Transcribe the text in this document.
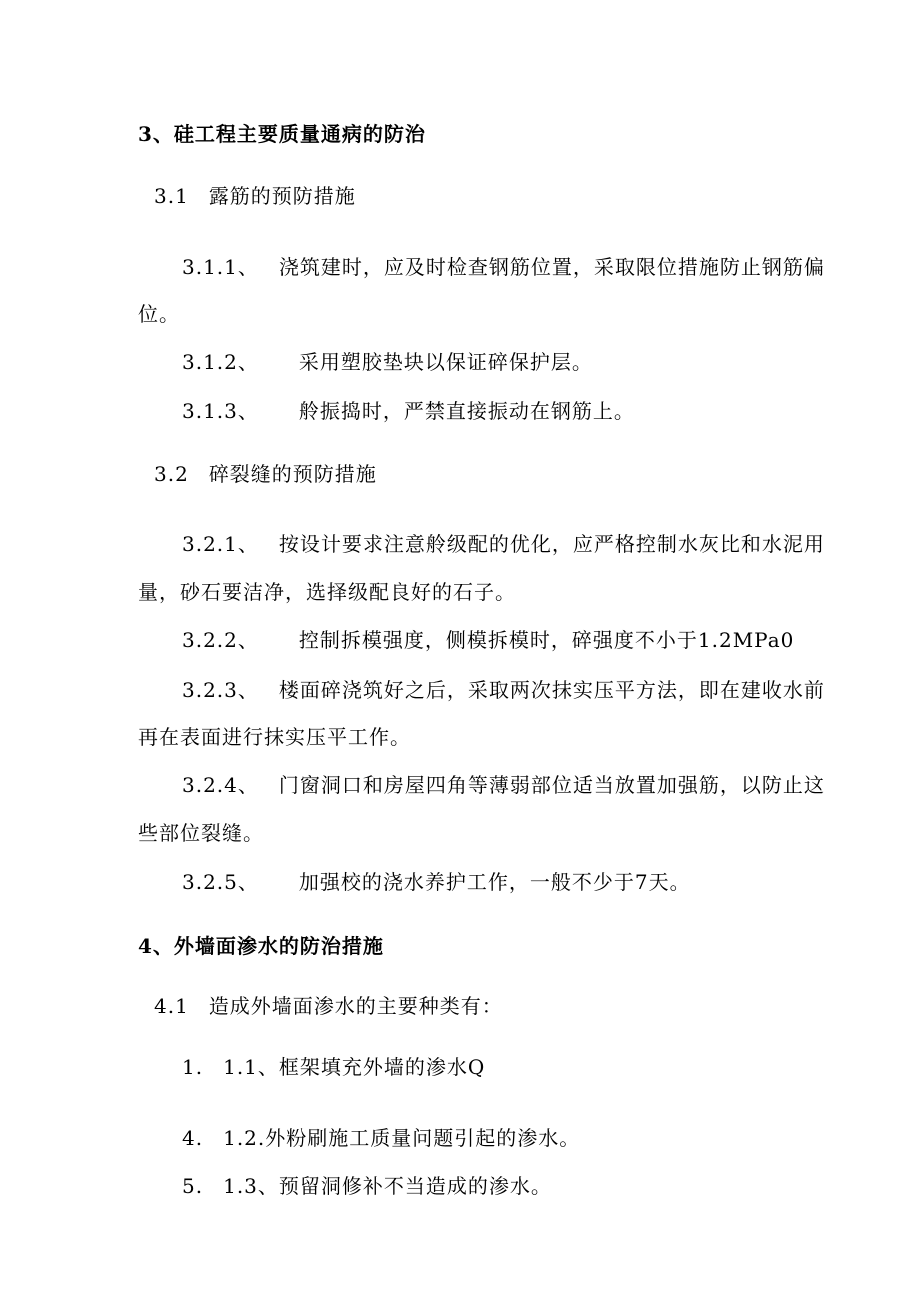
3、硅工程主要质量通病的防治
3.1 露筋的预防措施
3.1.1、 浇筑建时，应及时检查钢筋位置，采取限位措施防止钢筋偏
位。
3.1.2、 采用塑胶垫块以保证碎保护层。
3.1.3、 舲振捣时，严禁直接振动在钢筋上。
3.2 碎裂缝的预防措施
3.2.1、 按设计要求注意舲级配的优化，应严格控制水灰比和水泥用
量，砂石要洁净，选择级配良好的石子。
3.2.2、 控制拆模强度，侧模拆模时，碎强度不小于1.2MPa0
3.2.3、 楼面碎浇筑好之后，采取两次抹实压平方法，即在建收水前
再在表面进行抹实压平工作。
3.2.4、 门窗洞口和房屋四角等薄弱部位适当放置加强筋，以防止这
些部位裂缝。
3.2.5、 加强校的浇水养护工作，一般不少于7天。
4、外墙面渗水的防治措施
4.1 造成外墙面渗水的主要种类有：
1. 1.1、框架填充外墙的渗水Q
4. 1.2.外粉刷施工质量问题引起的渗水。
5. 1.3、预留洞修补不当造成的渗水。
